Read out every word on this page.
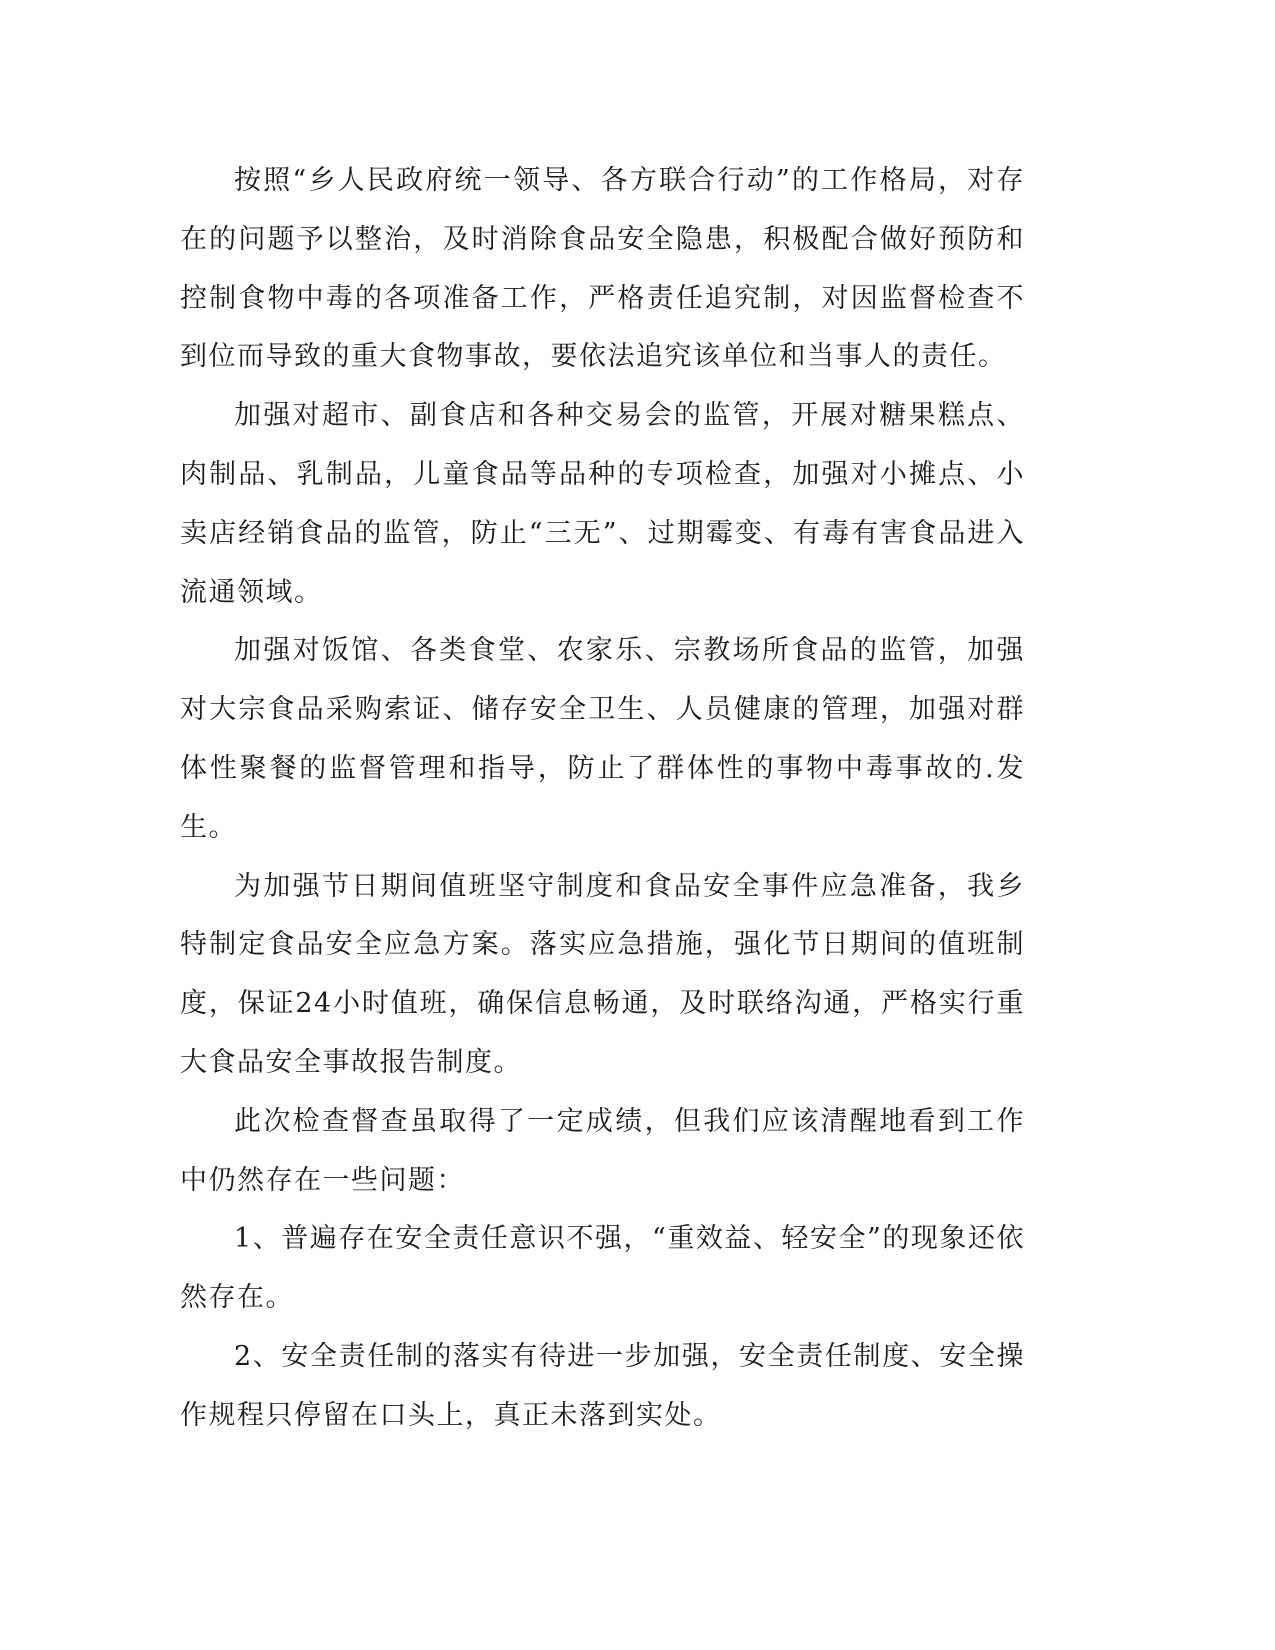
按照“乡人民政府统一领导、各方联合行动”的工作格局，对存在的问题予以整治，及时消除食品安全隐患，积极配合做好预防和控制食物中毒的各项准备工作，严格责任追究制，对因监督检查不到位而导致的重大食物事故，要依法追究该单位和当事人的责任。

加强对超市、副食店和各种交易会的监管，开展对糖果糕点、肉制品、乳制品，儿童食品等品种的专项检查，加强对小摊点、小卖店经销食品的监管，防止“三无”、过期霉变、有毒有害食品进入流通领域。

加强对饭馆、各类食堂、农家乐、宗教场所食品的监管，加强对大宗食品采购索证、储存安全卫生、人员健康的管理，加强对群体性聚餐的监督管理和指导，防止了群体性的事物中毒事故的.发生。

为加强节日期间值班坚守制度和食品安全事件应急准备，我乡特制定食品安全应急方案。落实应急措施，强化节日期间的值班制度，保证24小时值班，确保信息畅通，及时联络沟通，严格实行重大食品安全事故报告制度。

此次检查督查虽取得了一定成绩，但我们应该清醒地看到工作中仍然存在一些问题：

1、普遍存在安全责任意识不强，“重效益、轻安全”的现象还依然存在。

2、安全责任制的落实有待进一步加强，安全责任制度、安全操作规程只停留在口头上，真正未落到实处。
